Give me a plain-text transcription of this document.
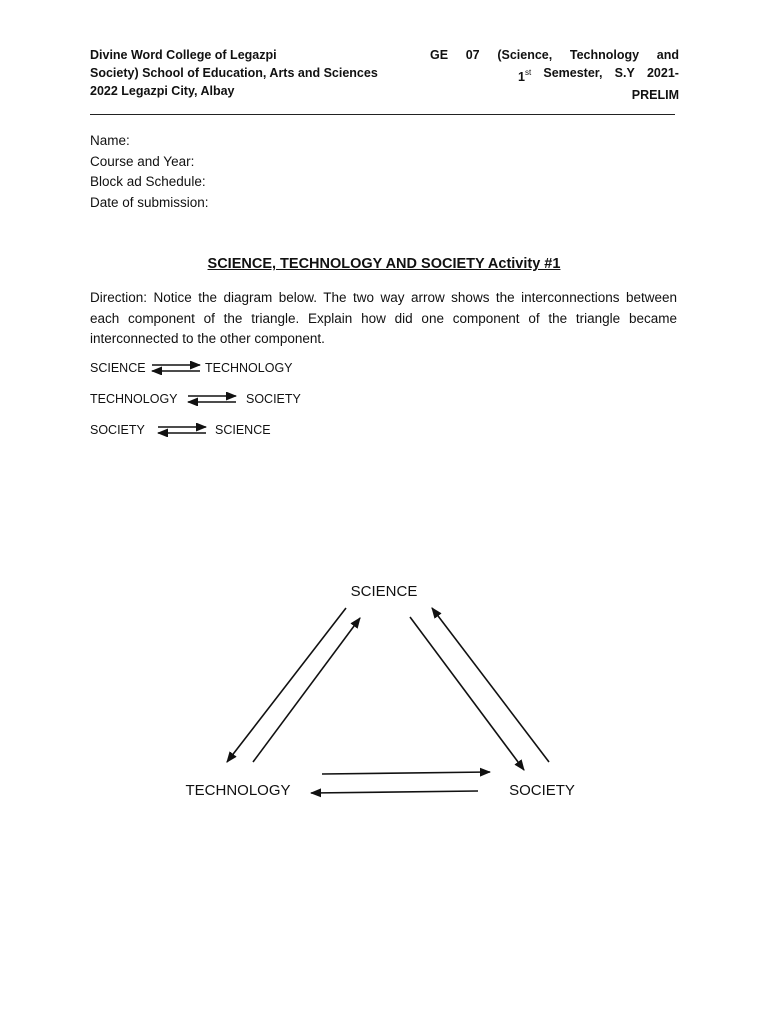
Divine Word College of Legazpi
Society) School of Education, Arts and Sciences
2022 Legazpi City, Albay
GE 07 (Science, Technology and
1st Semester, S.Y 2021-
PRELIM
Name:
Course and Year:
Block ad Schedule:
Date of submission:
SCIENCE, TECHNOLOGY AND SOCIETY Activity #1
Direction: Notice the diagram below. The two way arrow shows the interconnections between each component of the triangle. Explain how did one component of the triangle became interconnected to the other component.
SCIENCE	TECHNOLOGY
TECHNOLOGY	SOCIETY
SOCIETY	SCIENCE
SCIENCE
TECHNOLOGY	SOCIETY
